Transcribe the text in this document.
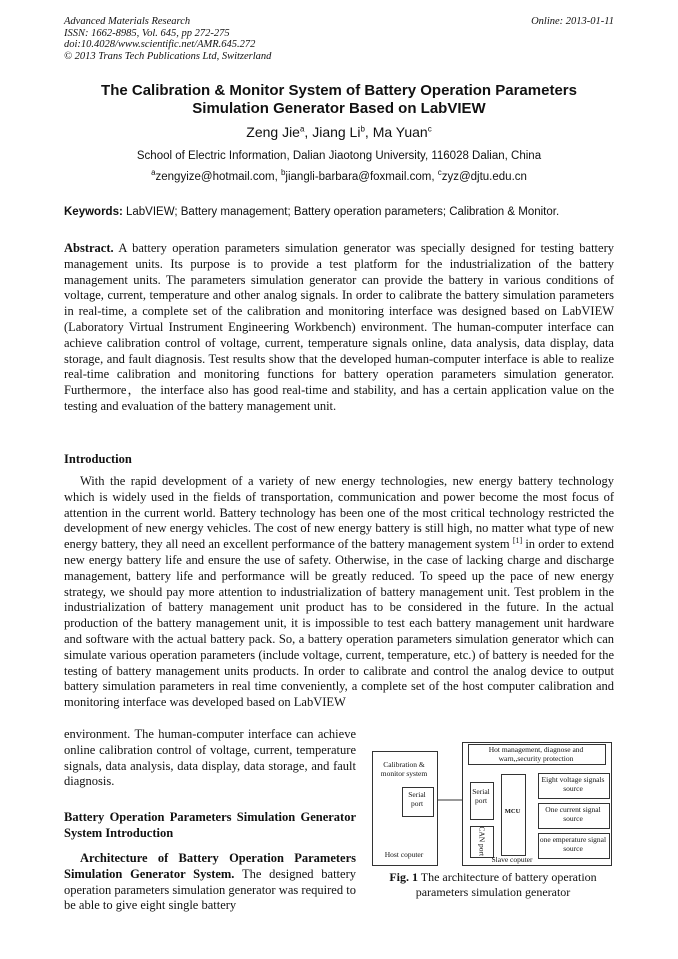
Advanced Materials Research
ISSN: 1662-8985, Vol. 645, pp 272-275
doi:10.4028/www.scientific.net/AMR.645.272
© 2013 Trans Tech Publications Ltd, Switzerland
Online: 2013-01-11
The Calibration & Monitor System of Battery Operation Parameters
Simulation Generator Based on LabVIEW
Zeng Jie$^a$, Jiang Li$^b$, Ma Yuan$^c$
School of Electric Information, Dalian Jiaotong University, 116028 Dalian, China
$^a$zengyize@hotmail.com, $^b$jiangli-barbara@foxmail.com, $^c$zyz@djtu.edu.cn
Keywords: LabVIEW; Battery management; Battery operation parameters; Calibration & Monitor.

Abstract. A battery operation parameters simulation generator was specially designed for testing battery management units. Its purpose is to provide a test platform for the industrialization of the battery management units. The parameters simulation generator can provide the battery in various conditions of voltage, current, temperature and other analog signals. In order to calibrate the battery simulation parameters in real-time, a complete set of the calibration and monitoring interface was designed based on LabVIEW (Laboratory Virtual Instrument Engineering Workbench) environment. The human-computer interface can achieve calibration control of voltage, current, temperature signals online, data analysis, data display, data storage, and fault diagnosis. Test results show that the developed human-computer interface is able to realize real-time calibration and monitoring functions for battery operation parameters simulation generator. Furthermore，the interface also has good real-time and stability, and has a certain application value on the testing and evaluation of the battery management unit.

Introduction

With the rapid development of a variety of new energy technologies, new energy battery technology which is widely used in the fields of transportation, communication and power become the most focus of attention in the current world. Battery technology has been one of the most critical technology restricted the development of new energy vehicles. The cost of new energy battery is still high, no matter what type of new energy battery, they all need an excellent performance of the battery management system [1] in order to extend new energy battery life and ensure the use of safety. Otherwise, in the case of lacking charge and discharge management, battery life and performance will be greatly reduced. To speed up the pace of new energy strategy, we should pay more attention to industrialization of battery management unit. Test problem in the industrialization of battery management unit product has to be considered in the future. In the actual production of the battery management unit, it is impossible to test each battery management unit hardware and software with the actual battery pack. So, a battery operation parameters simulation generator which can simulate various operation parameters (include voltage, current, temperature, etc.) of battery is needed for the testing of battery management units products. In order to calibrate and control the analog device to output battery simulation parameters in real time conveniently, a complete set of the host computer calibration and monitoring interface was developed based on LabVIEW

environment. The human-computer interface can achieve online calibration control of voltage, current, temperature signals, data analysis, data display, data storage, and fault diagnosis.
Battery Operation Parameters Simulation Generator System Introduction

Architecture of Battery Operation Parameters Simulation Generator System. The designed battery operation parameters simulation generator was required to be able to give eight single battery

Calibration & monitor system
Serial port
Host coputer
Hot management, diagnose and warn,,security protection
Serial port
MCU
CAN port
Eight voltage signals source
One current signal source
one emperature signal source
Slave coputer
Fig. 1 The architecture of battery operation parameters simulation generator
